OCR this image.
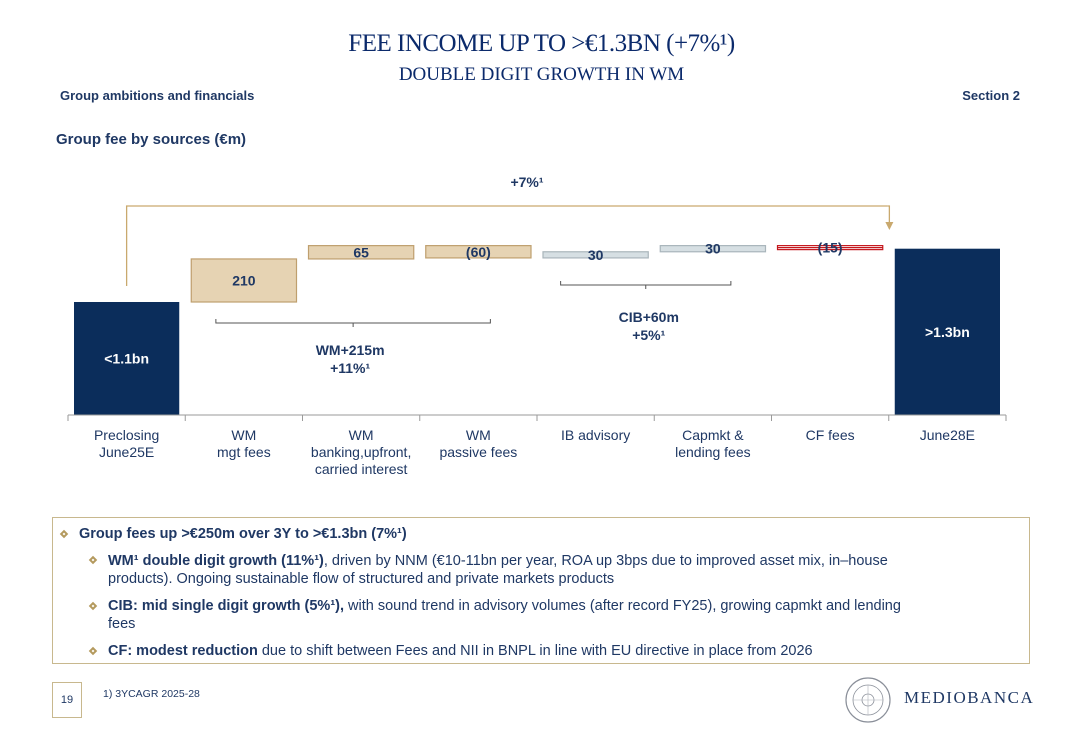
FEE INCOME UP TO >€1.3BN (+7%¹)
DOUBLE DIGIT GROWTH IN WM
Group ambitions and financials	Section 2
Group fee by sources (€m)
<1.1bn
210
65	(60)	30	30	(15)
>1.3bn
Preclosing June25E
WM mgt fees
WM banking,upfront, carried interest
WM passive fees
IB advisory	Capmkt & lending fees
CF fees	June28E
+7%¹
WM+215m
+11%¹
CIB+60m
+5%¹
Group fees up >€250m over 3Y to >€1.3bn (7%¹)
WM¹ double digit growth (11%¹), driven by NNM (€10-11bn per year, ROA up 3bps due to improved asset mix, in–house
products). Ongoing sustainable flow of structured and private markets products
CIB: mid single digit growth (5%¹), with sound trend in advisory volumes (after record FY25), growing capmkt and lending
fees
CF: modest reduction due to shift between Fees and NII in BNPL in line with EU directive in place from 2026
19	1) 3YCAGR 2025-28	MEDIOBANCA
